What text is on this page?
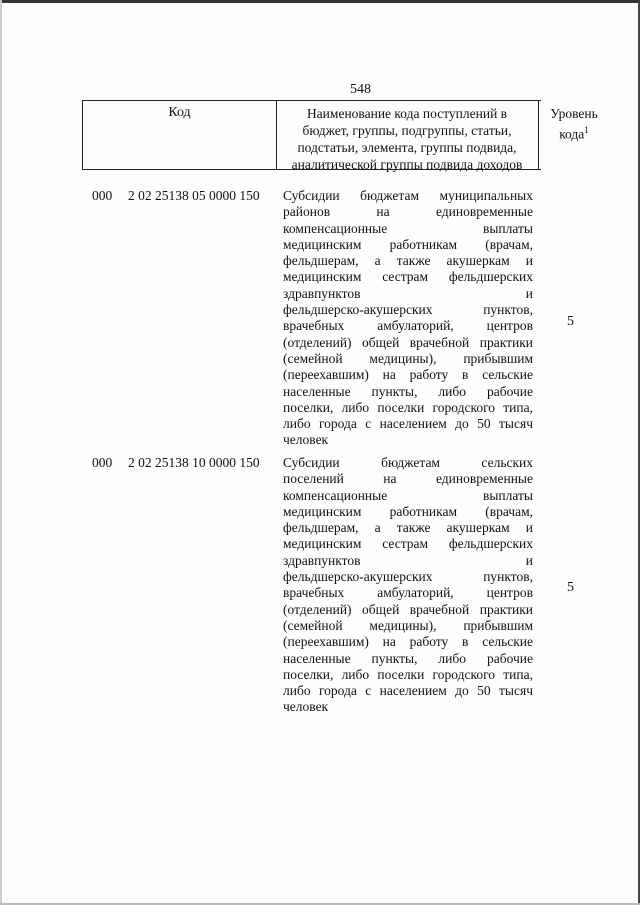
548
Код	Наименование кода поступлений в
бюджет, группы, подгруппы, статьи,
подстатьи, элемента, группы подвида,
аналитической группы подвида доходов
Уровень
кода$^1$
000 2 02 25138 05 0000 150 Субсидии бюджетам муниципальных
районов на единовременные
компенсационные выплаты
медицинским работникам (врачам,
фельдшерам, а также акушеркам и
медицинским сестрам фельдшерских
здравпунктов и
фельдшерско-акушерских пунктов,
врачебных амбулаторий, центров
(отделений) общей врачебной практики
(семейной медицины), прибывшим
(переехавшим) на работу в сельские
населенные пункты, либо рабочие
поселки, либо поселки городского типа,
либо города с населением до 50 тысяч
человек
5
000 2 02 25138 10 0000 150 Субсидии бюджетам сельских
поселений на единовременные
компенсационные выплаты
медицинским работникам (врачам,
фельдшерам, а также акушеркам и
медицинским сестрам фельдшерских
здравпунктов и
фельдшерско-акушерских пунктов,
врачебных амбулаторий, центров
(отделений) общей врачебной практики
(семейной медицины), прибывшим
(переехавшим) на работу в сельские
населенные пункты, либо рабочие
поселки, либо поселки городского типа,
либо города с населением до 50 тысяч
человек
5
